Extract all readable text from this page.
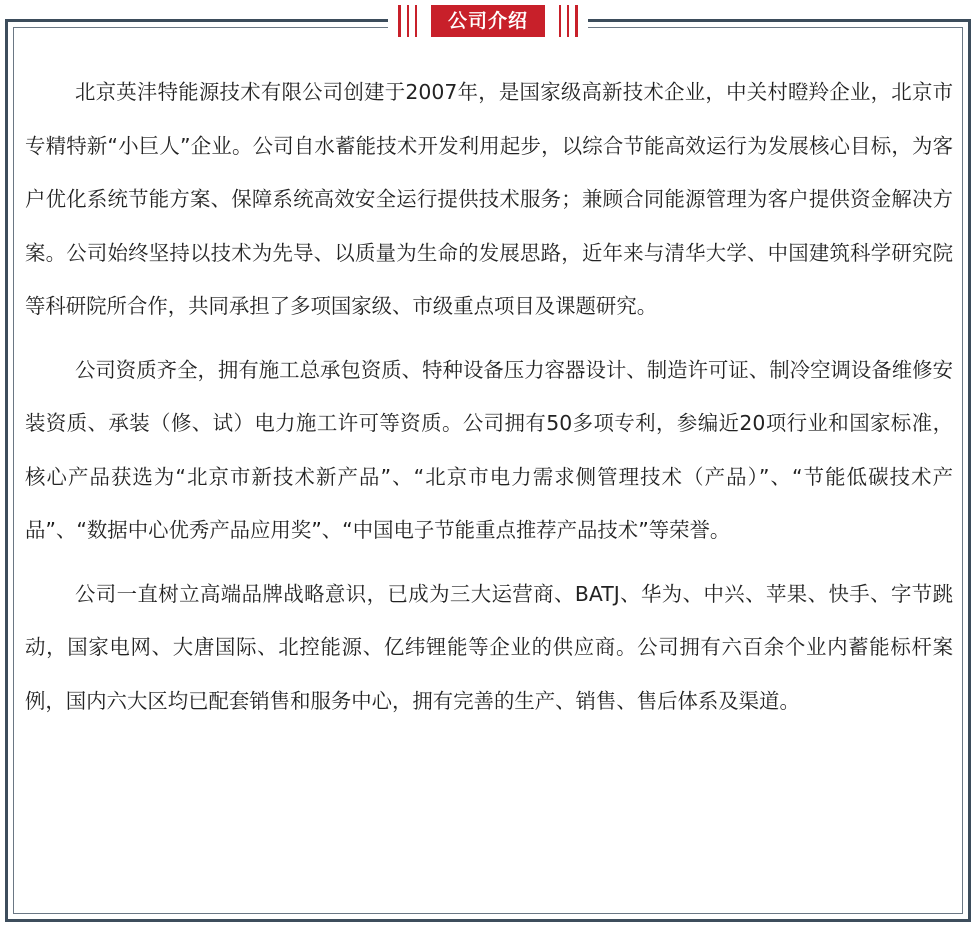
公司介绍

北京英沣特能源技术有限公司创建于2007年，是国家级高新技术企业，中关村瞪羚企业，北京市专精特新“小巨人”企业。公司自水蓄能技术开发利用起步，以综合节能高效运行为发展核心目标，为客户优化系统节能方案、保障系统高效安全运行提供技术服务；兼顾合同能源管理为客户提供资金解决方案。公司始终坚持以技术为先导、以质量为生命的发展思路，近年来与清华大学、中国建筑科学研究院等科研院所合作，共同承担了多项国家级、市级重点项目及课题研究。

公司资质齐全，拥有施工总承包资质、特种设备压力容器设计、制造许可证、制冷空调设备维修安装资质、承装（修、试）电力施工许可等资质。公司拥有50多项专利，参编近20项行业和国家标准，核心产品获选为“北京市新技术新产品”、“北京市电力需求侧管理技术（产品）”、“节能低碳技术产品”、“数据中心优秀产品应用奖”、“中国电子节能重点推荐产品技术”等荣誉。

公司一直树立高端品牌战略意识，已成为三大运营商、BATJ、华为、中兴、苹果、快手、字节跳动，国家电网、大唐国际、北控能源、亿纬锂能等企业的供应商。公司拥有六百余个业内蓄能标杆案例，国内六大区均已配套销售和服务中心，拥有完善的生产、销售、售后体系及渠道。
